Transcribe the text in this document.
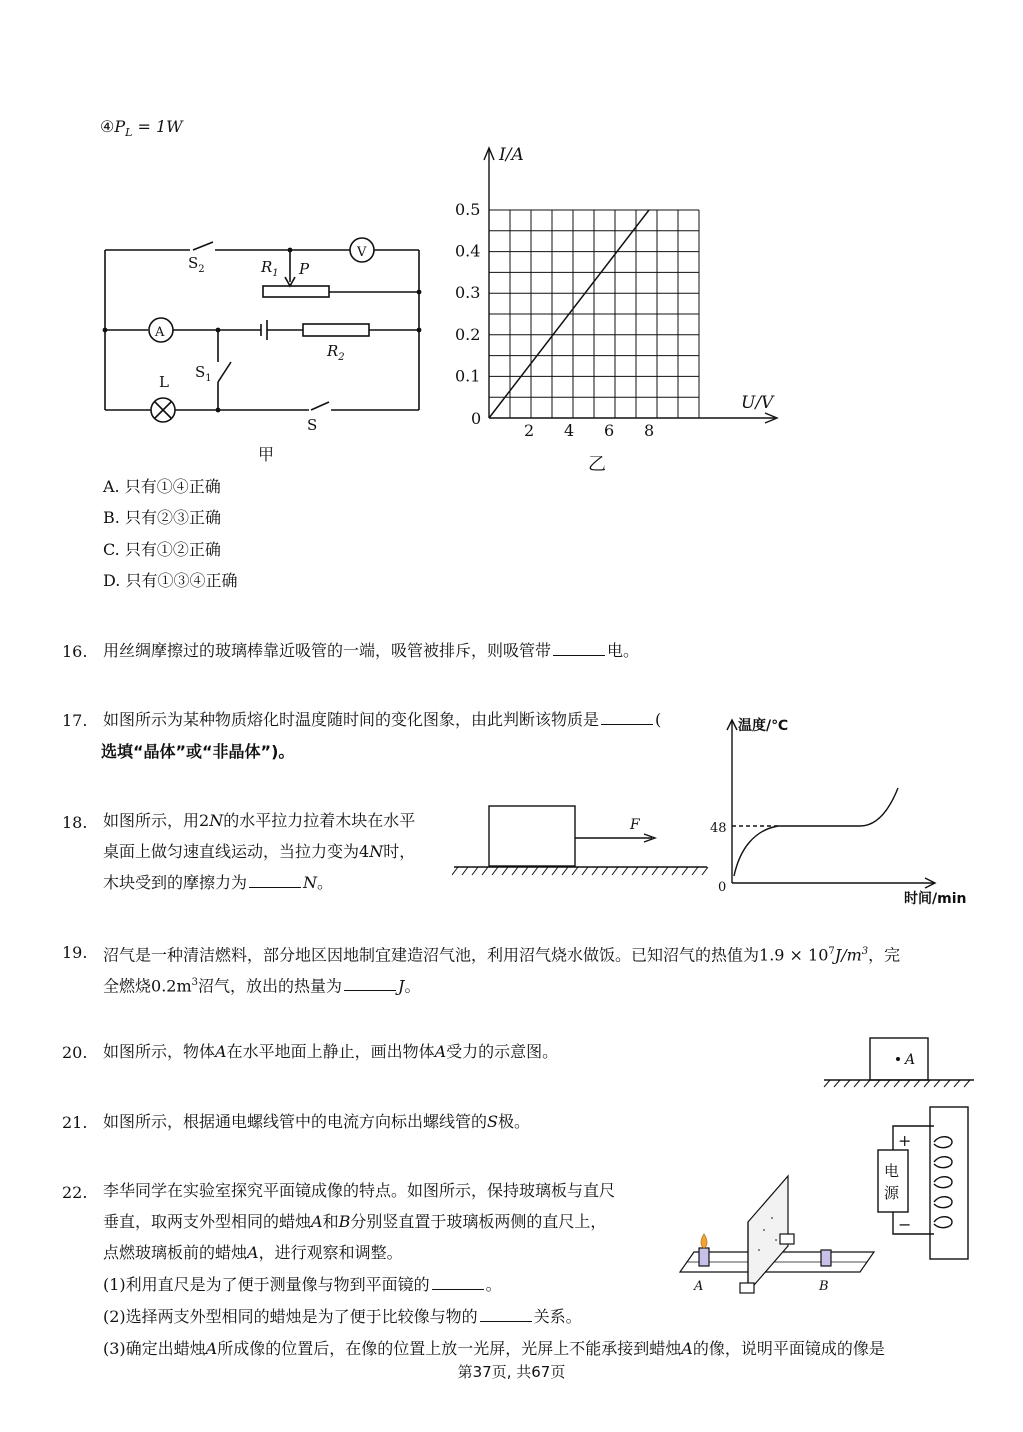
$④P_L = 1W$
$S_2$	$R_1$ P
V
A
$R_2$
$S_1$
L
S
甲
I/A
U/V
0
2 4 6 8
0.1
0.2
0.3
0.4
0.5
乙
A. 只有①④正确
B. 只有②③正确
C. 只有①②正确
D. 只有①③④正确
16. 用丝绸摩擦过的玻璃棒靠近吸管的一端，吸管被排斥，则吸管带	电。
17. 如图所示为某种物质熔化时温度随时间的变化图象，由此判断该物质是	(
选填“晶体”或“非晶体”)。
温度/℃
48
0
时间/min
18. 如图所示，用2N的水平拉力拉着木块在水平
桌面上做匀速直线运动，当拉力变为4N时，
木块受到的摩擦力为	N。
F
19. 沼气是一种清洁燃料，部分地区因地制宜建造沼气池，利用沼气烧水做饭。已知沼气的热值为$1.9 \times 10^7J/m^3$，完
全燃烧$0.2m^3$沼气，放出的热量为	J。
20. 如图所示，物体A在水平地面上静止，画出物体A受力的示意图。	A
21. 如图所示，根据通电螺线管中的电流方向标出螺线管的S极。
+
−
电
源
22. 李华同学在实验室探究平面镜成像的特点。如图所示，保持玻璃板与直尺
垂直，取两支外型相同的蜡烛A和B分别竖直置于玻璃板两侧的直尺上，
点燃玻璃板前的蜡烛A，进行观察和调整。
(1)利用直尺是为了便于测量像与物到平面镜的	。
(2)选择两支外型相同的蜡烛是为了便于比较像与物的	关系。
(3)确定出蜡烛A所成像的位置后，在像的位置上放一光屏，光屏上不能承接到蜡烛A的像，说明平面镜成的像是
A	B
第37页, 共67页
